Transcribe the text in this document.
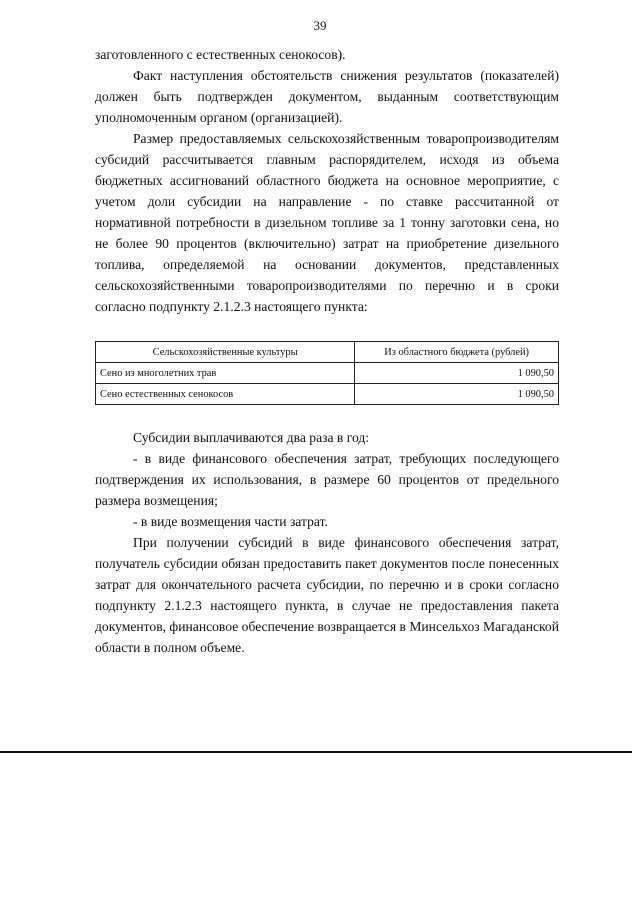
39

заготовленного с естественных сенокосов).

Факт наступления обстоятельств снижения результатов (показателей) должен быть подтвержден документом, выданным соответствующим уполномоченным органом (организацией).

Размер предоставляемых сельскохозяйственным товаропроизводителям субсидий рассчитывается главным распорядителем, исходя из объема бюджетных ассигнований областного бюджета на основное мероприятие, с учетом доли субсидии на направление - по ставке рассчитанной от нормативной потребности в дизельном топливе за 1 тонну заготовки сена, но не более 90 процентов (включительно) затрат на приобретение дизельного топлива, определяемой на основании документов, представленных сельскохозяйственными товаропроизводителями по перечню и в сроки согласно подпункту 2.1.2.3 настоящего пункта:

Сельскохозяйственные культуры	Из областного бюджета (рублей)
Сено из многолетних трав	1 090,50
Сено естественных сенокосов	1 090,50

Субсидии выплачиваются два раза в год:

- в виде финансового обеспечения затрат, требующих последующего подтверждения их использования, в размере 60 процентов от предельного размера возмещения;

- в виде возмещения части затрат.

При получении субсидий в виде финансового обеспечения затрат, получатель субсидии обязан предоставить пакет документов после понесенных затрат для окончательного расчета субсидии, по перечню и в сроки согласно подпункту 2.1.2.3 настоящего пункта, в случае не предоставления пакета документов, финансовое обеспечение возвращается в Минсельхоз Магаданской области в полном объеме.
